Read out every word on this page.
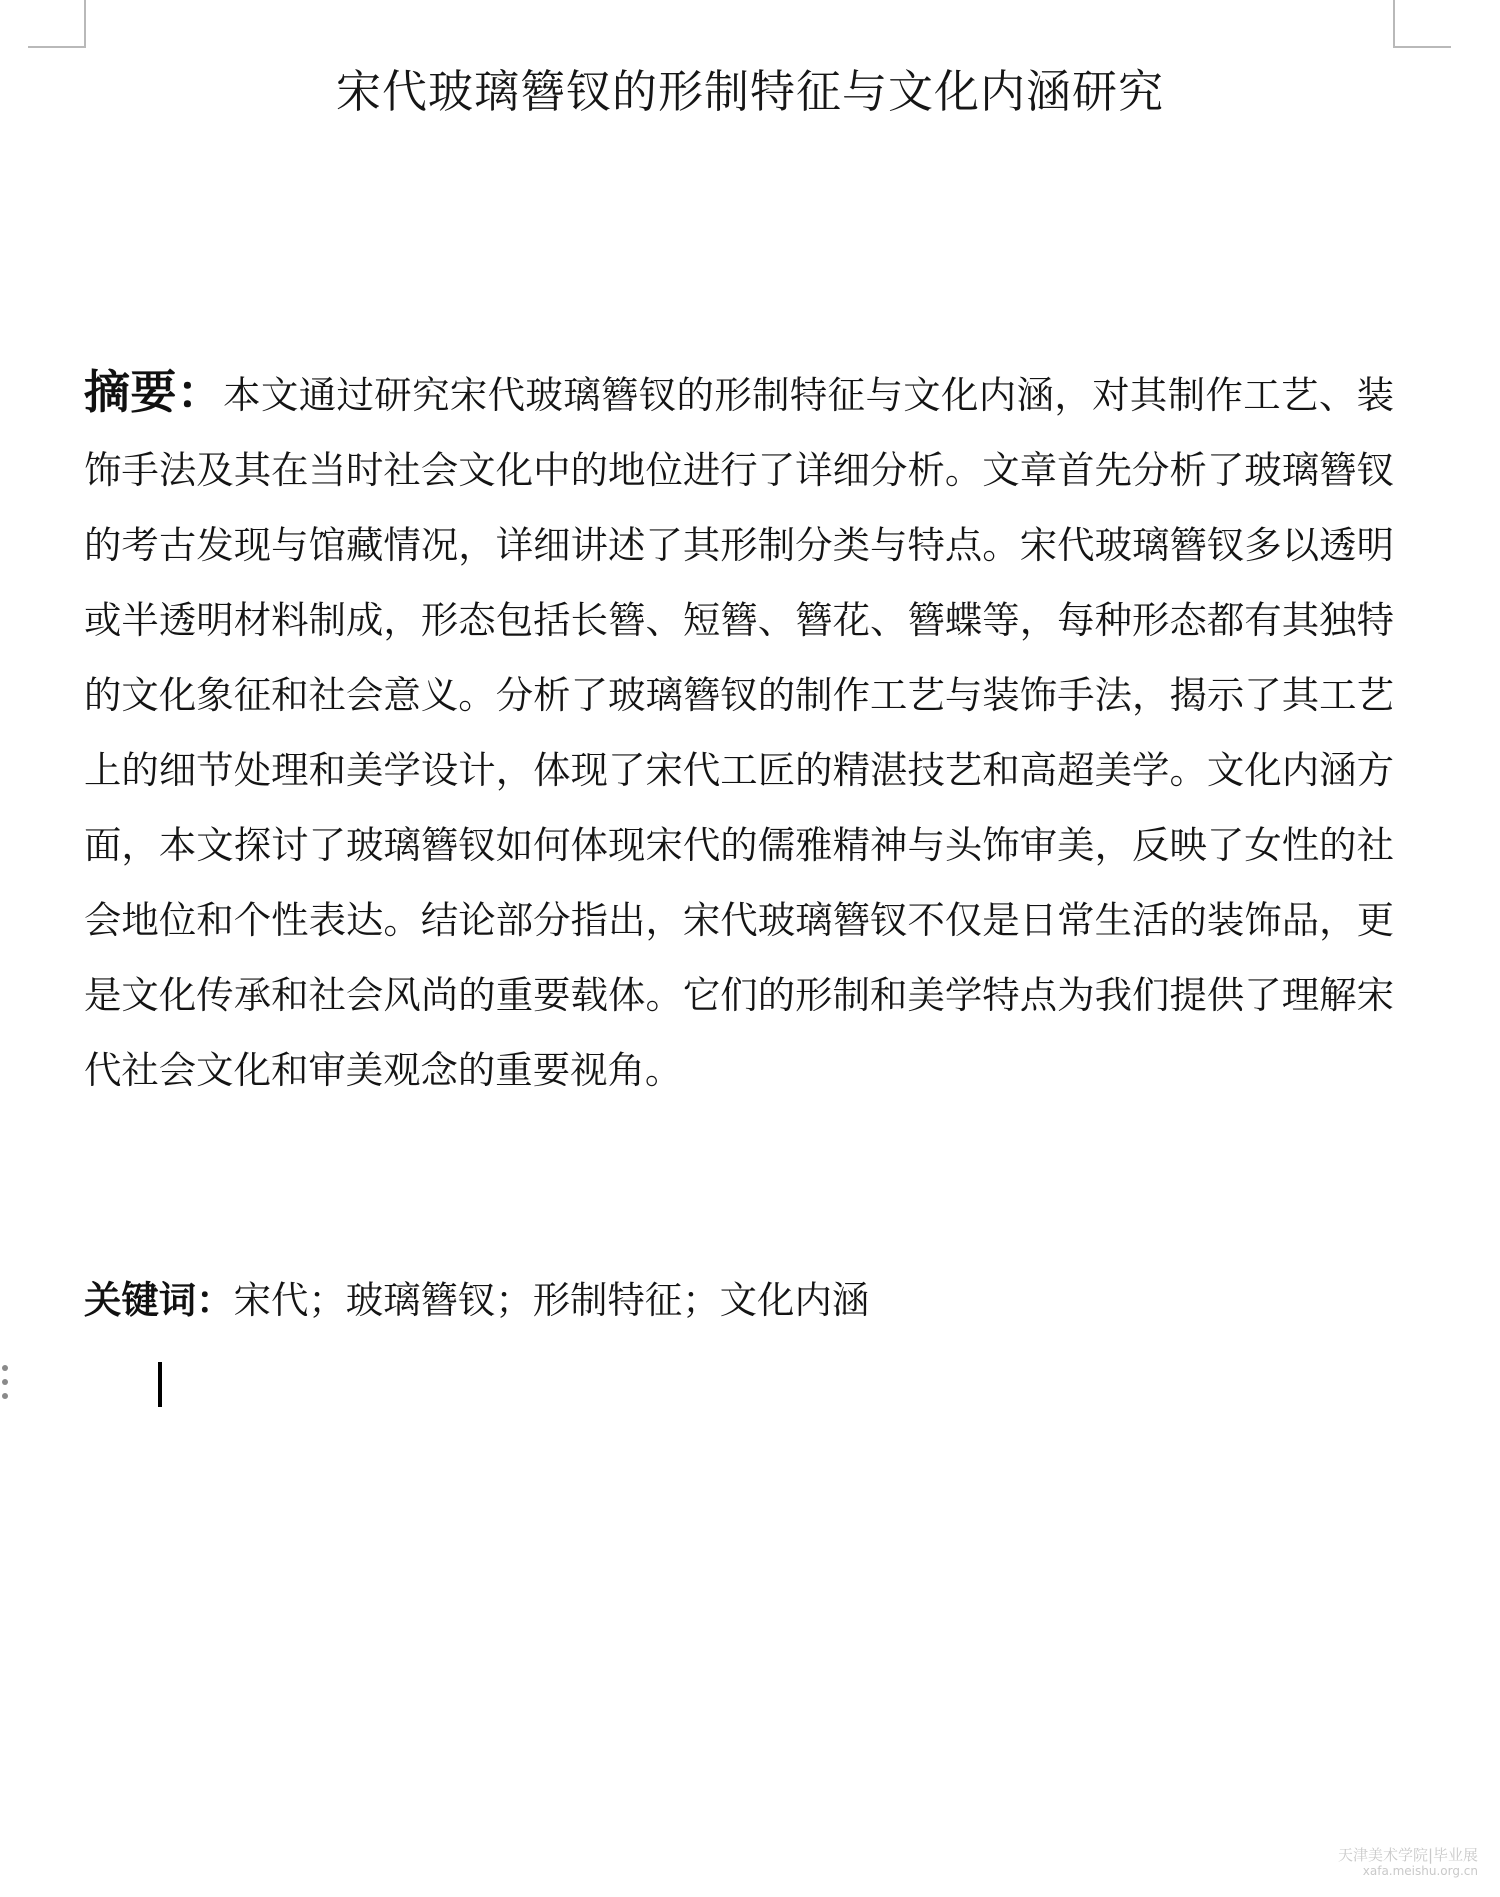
宋代玻璃簪钗的形制特征与文化内涵研究

摘要：本文通过研究宋代玻璃簪钗的形制特征与文化内涵，对其制作工艺、装饰手法及其在当时社会文化中的地位进行了详细分析。文章首先分析了玻璃簪钗的考古发现与馆藏情况，详细讲述了其形制分类与特点。宋代玻璃簪钗多以透明或半透明材料制成，形态包括长簪、短簪、簪花、簪蝶等，每种形态都有其独特的文化象征和社会意义。分析了玻璃簪钗的制作工艺与装饰手法，揭示了其工艺上的细节处理和美学设计，体现了宋代工匠的精湛技艺和高超美学。文化内涵方面，本文探讨了玻璃簪钗如何体现宋代的儒雅精神与头饰审美，反映了女性的社会地位和个性表达。结论部分指出，宋代玻璃簪钗不仅是日常生活的装饰品，更是文化传承和社会风尚的重要载体。它们的形制和美学特点为我们提供了理解宋代社会文化和审美观念的重要视角。

关键词：宋代；玻璃簪钗；形制特征；文化内涵

天津美术学院|毕业展
xafa.meishu.org.cn
